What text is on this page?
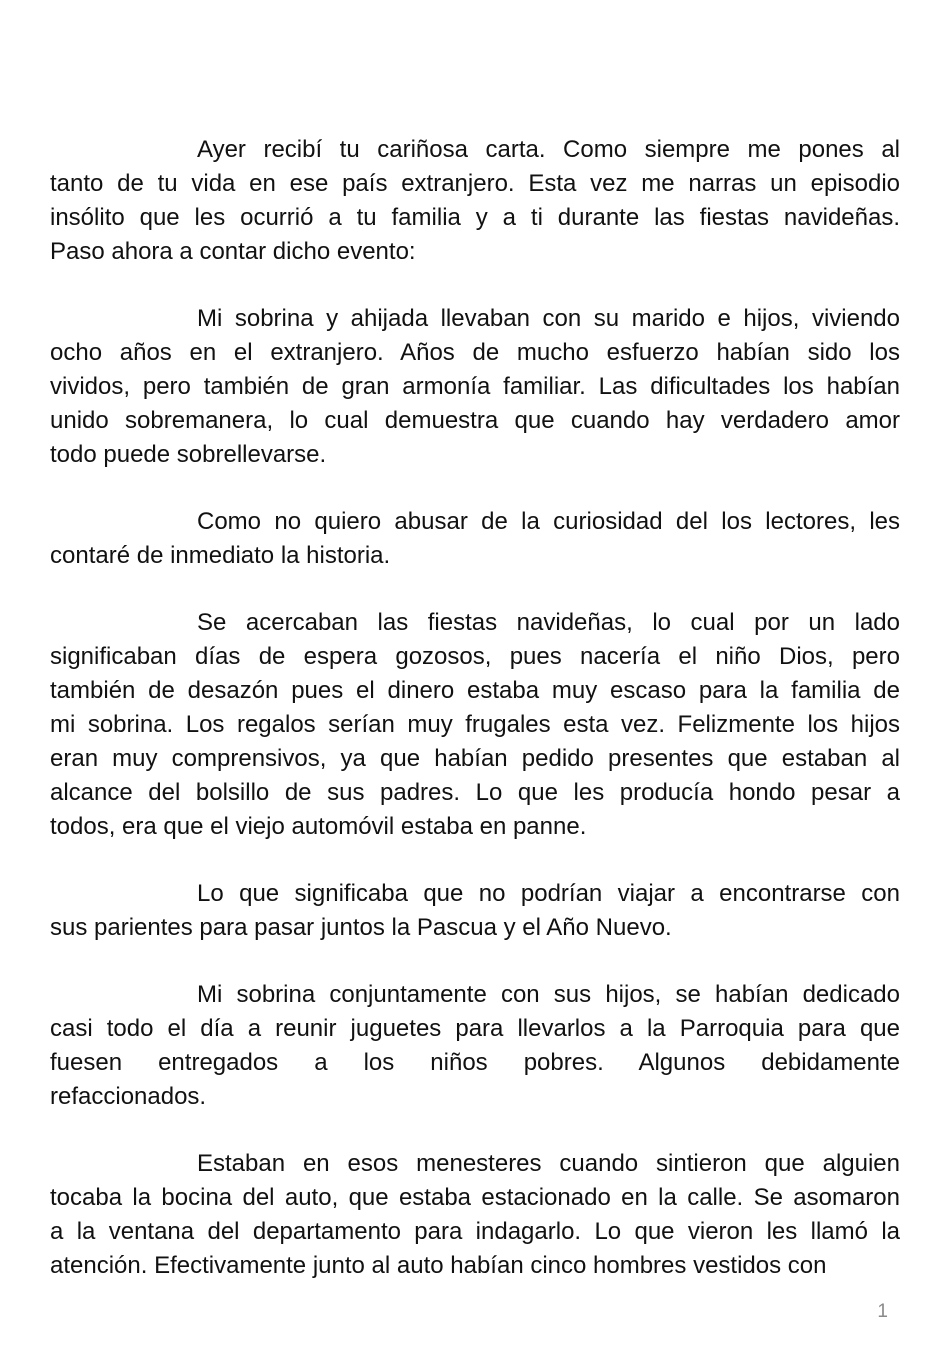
Ayer recibí tu cariñosa carta. Como siempre me pones al
tanto de tu vida en ese país extranjero. Esta vez me narras un episodio
insólito que les ocurrió a tu familia y a ti durante las fiestas navideñas.
Paso ahora a contar dicho evento:

Mi sobrina y ahijada llevaban con su marido e hijos, viviendo
ocho años en el extranjero. Años de mucho esfuerzo habían sido los
vividos, pero también de gran armonía familiar. Las dificultades los habían
unido sobremanera, lo cual demuestra que cuando hay verdadero amor
todo puede sobrellevarse.

Como no quiero abusar de la curiosidad del los lectores, les
contaré de inmediato la historia.

Se acercaban las fiestas navideñas, lo cual por un lado
significaban días de espera gozosos, pues nacería el niño Dios, pero
también de desazón pues el dinero estaba muy escaso para la familia de
mi sobrina. Los regalos serían muy frugales esta vez. Felizmente los hijos
eran muy comprensivos, ya que habían pedido presentes que estaban al
alcance del bolsillo de sus padres. Lo que les producía hondo pesar a
todos, era que el viejo automóvil estaba en panne.

Lo que significaba que no podrían viajar a encontrarse con
sus parientes para pasar juntos la Pascua y el Año Nuevo.

Mi sobrina conjuntamente con sus hijos, se habían dedicado
casi todo el día a reunir juguetes para llevarlos a la Parroquia para que
fuesen entregados a los niños pobres. Algunos debidamente
refaccionados.

Estaban en esos menesteres cuando sintieron que alguien
tocaba la bocina del auto, que estaba estacionado en la calle. Se asomaron
a la ventana del departamento para indagarlo. Lo que vieron les llamó la
atención. Efectivamente junto al auto habían cinco hombres vestidos con

1
